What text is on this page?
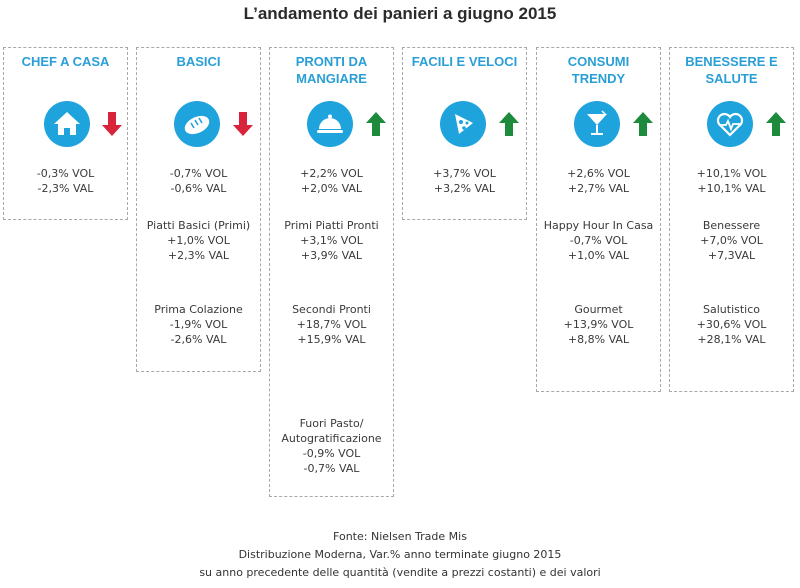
L’andamento dei panieri a giugno 2015
CHEF A CASA
-0,3% VOL
-2,3% VAL
BASICI
-0,7% VOL
-0,6% VAL
Piatti Basici (Primi)
+1,0% VOL
+2,3% VAL
Prima Colazione
-1,9% VOL
-2,6% VAL
PRONTI DA MANGIARE
+2,2% VOL
+2,0% VAL
Primi Piatti Pronti
+3,1% VOL
+3,9% VAL
Secondi Pronti
+18,7% VOL
+15,9% VAL
Fuori Pasto/
Autogratificazione
-0,9% VOL
-0,7% VAL
FACILI E VELOCI
+3,7% VOL
+3,2% VAL
CONSUMI TRENDY
+2,6% VOL
+2,7% VAL
Happy Hour In Casa
-0,7% VOL
+1,0% VAL
Gourmet
+13,9% VOL
+8,8% VAL
BENESSERE E SALUTE
+10,1% VOL
+10,1% VAL
Benessere
+7,0% VOL
+7,3VAL
Salutistico
+30,6% VOL
+28,1% VAL
Fonte: Nielsen Trade Mis
Distribuzione Moderna, Var.% anno terminate giugno 2015
su anno precedente delle quantità (vendite a prezzi costanti) e dei valori
